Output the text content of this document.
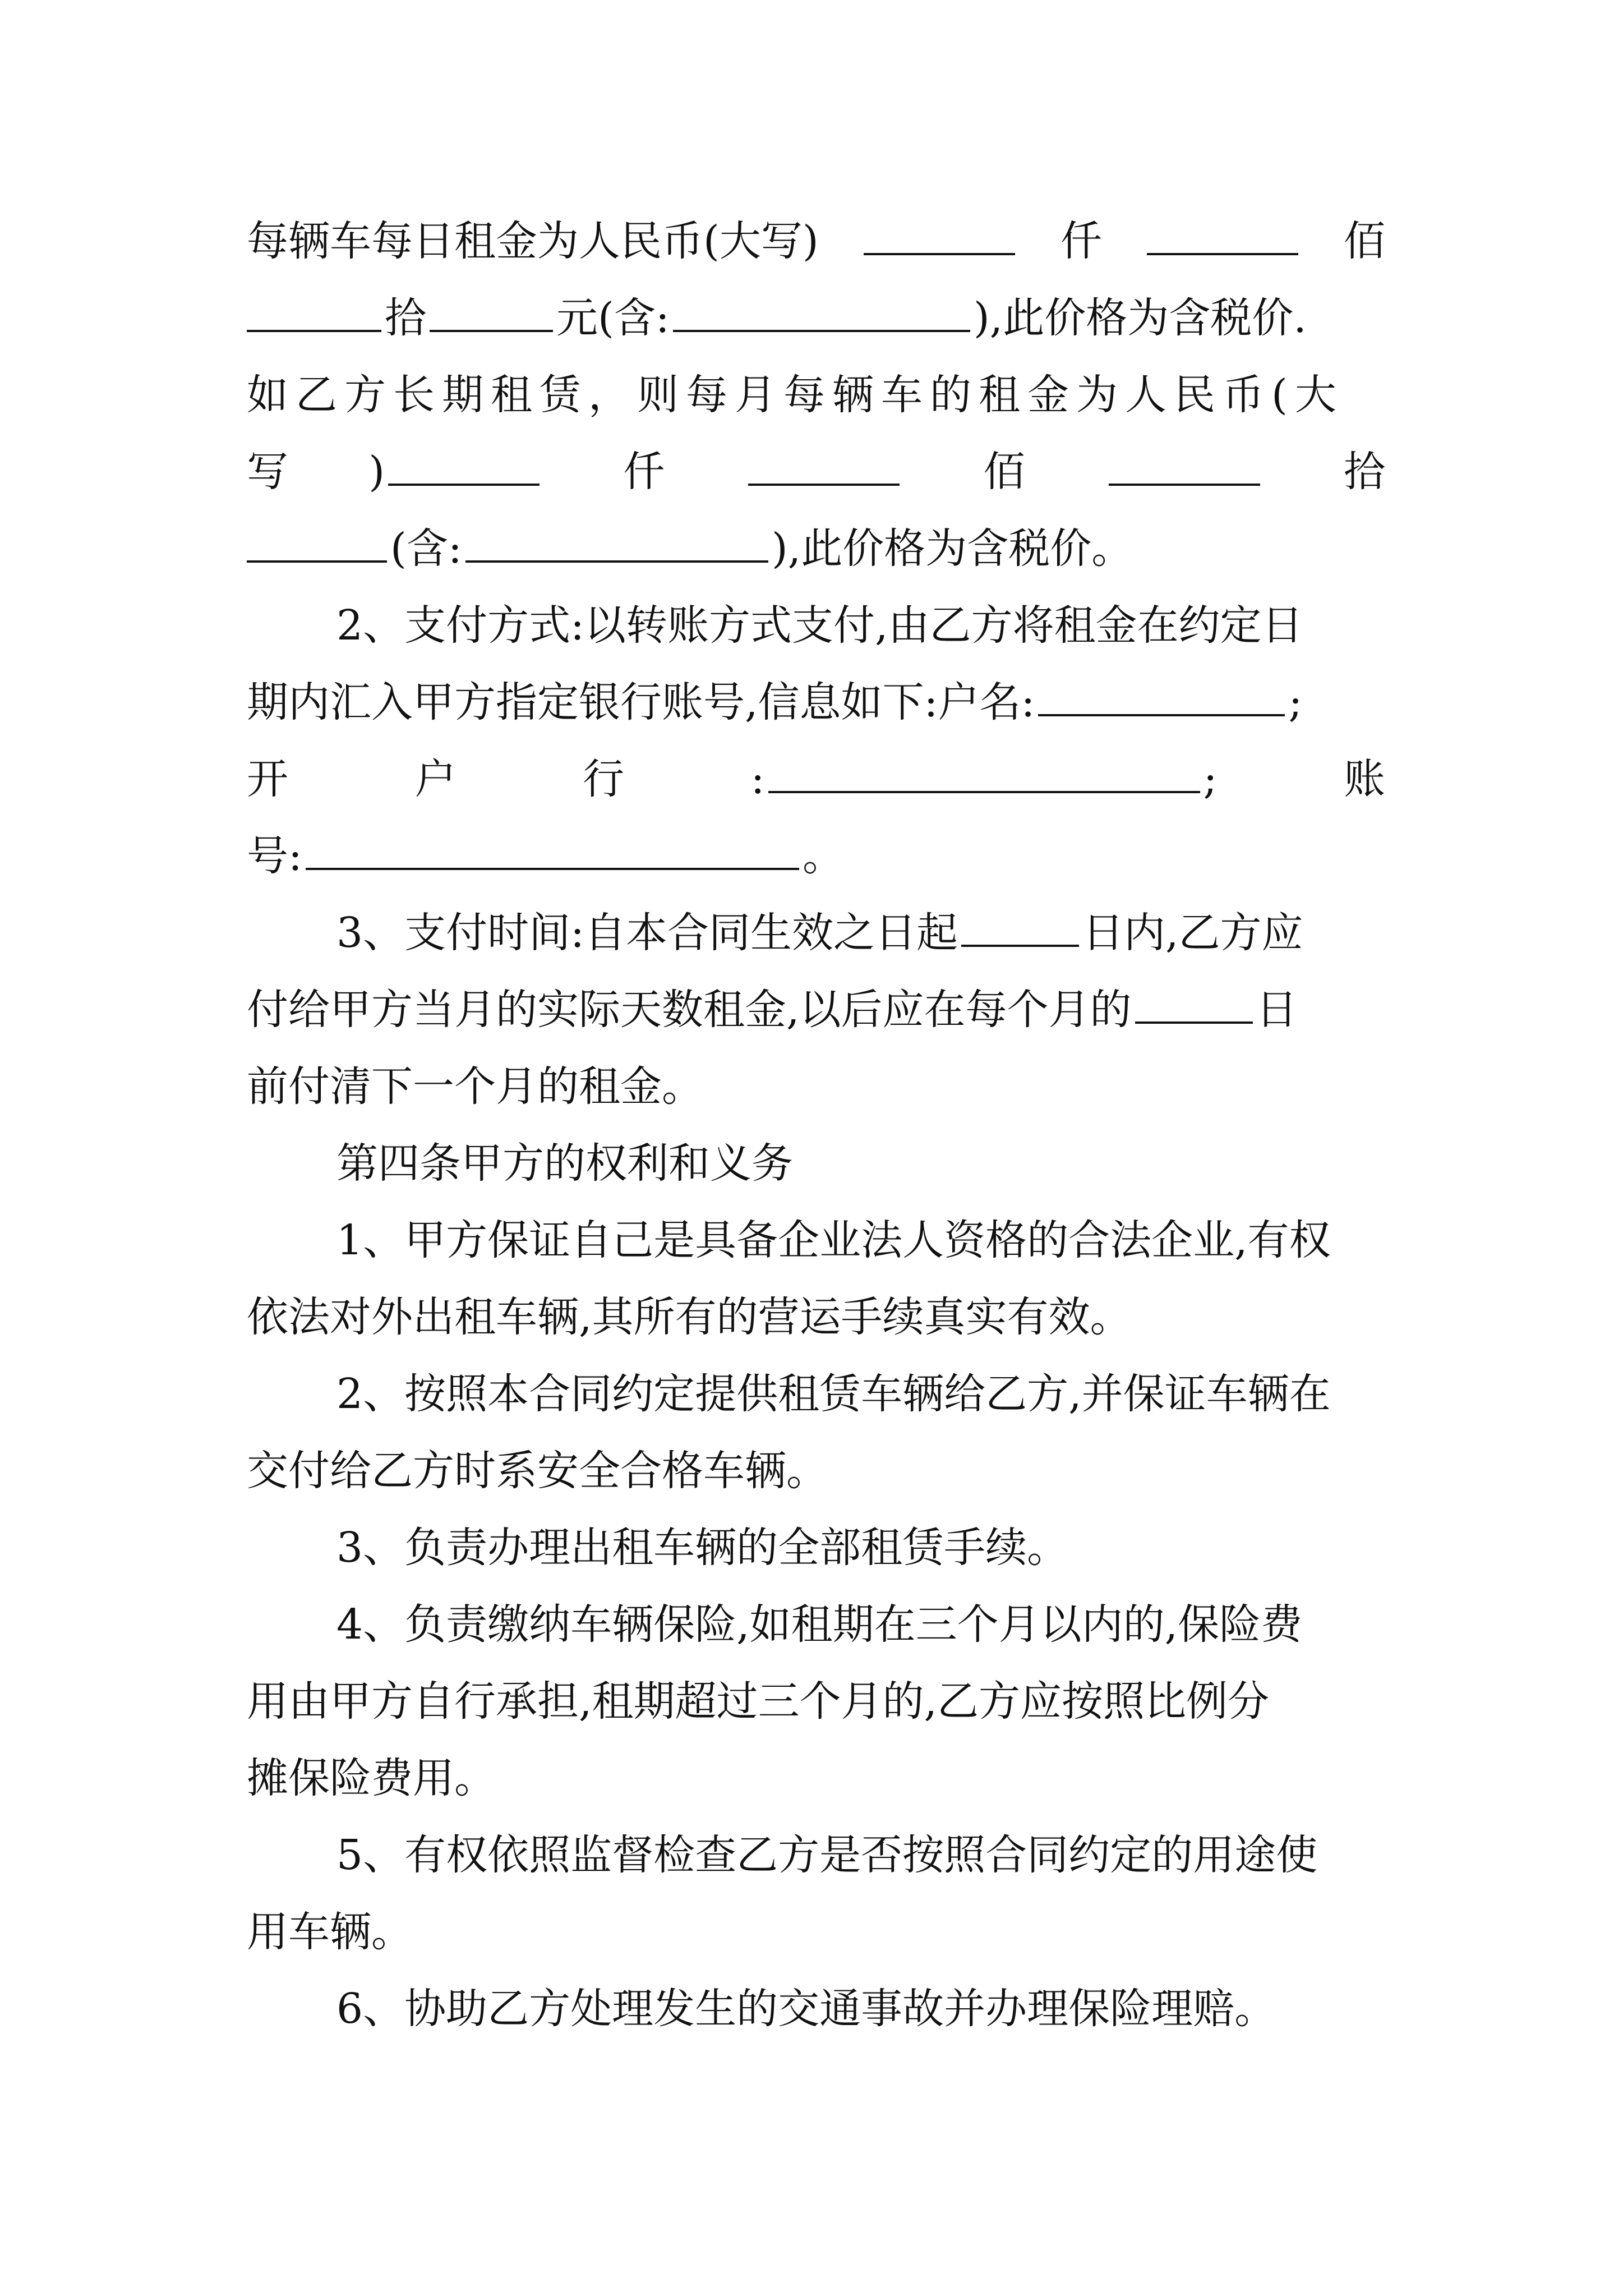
每辆车每日租金为人民币(大写)	仟	佰
拾	元(含:	),此价格为含税价.
如乙方长期租赁，则每月每辆车的租金为人民币(大
写 )	仟	佰	拾
(含:	),此价格为含税价。
2、支付方式:以转账方式支付,由乙方将租金在约定日
期内汇入甲方指定银行账号,信息如下:户名:	;
开	户	行	:	;	账
号:	。
3、支付时间:自本合同生效之日起	日内,乙方应
付给甲方当月的实际天数租金,以后应在每个月的	日
前付清下一个月的租金。
第四条甲方的权利和义务
1、甲方保证自己是具备企业法人资格的合法企业,有权
依法对外出租车辆,其所有的营运手续真实有效。
2、按照本合同约定提供租赁车辆给乙方,并保证车辆在
交付给乙方时系安全合格车辆。
3、负责办理出租车辆的全部租赁手续。
4、负责缴纳车辆保险,如租期在三个月以内的,保险费
用由甲方自行承担,租期超过三个月的,乙方应按照比例分
摊保险费用。
5、有权依照监督检查乙方是否按照合同约定的用途使
用车辆。
6、协助乙方处理发生的交通事故并办理保险理赔。
